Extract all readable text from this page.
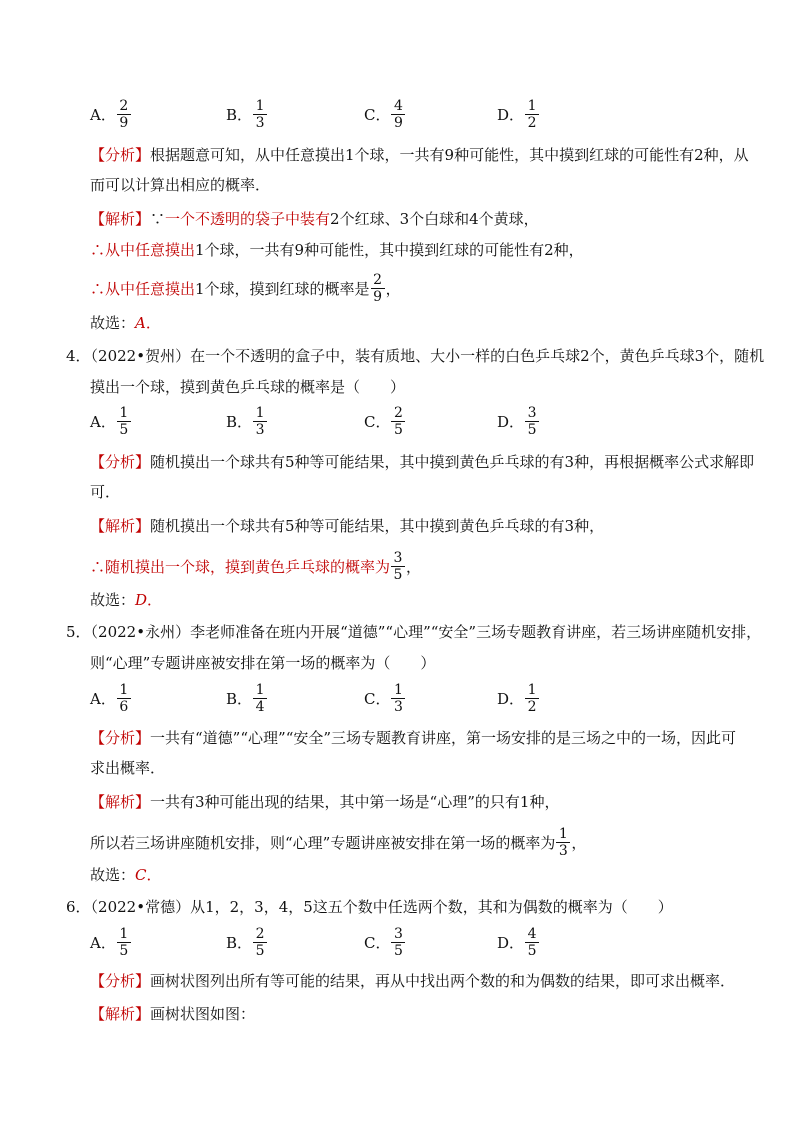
A． $\frac{2}{9}$	B． $\frac{1}{3}$	C． $\frac{4}{9}$	D． $\frac{1}{2}$
【分析】根据题意可知，从中任意摸出1个球，一共有9种可能性，其中摸到红球的可能性有2种，从
而可以计算出相应的概率．
【解析】∵一个不透明的袋子中装有2个红球、3个白球和4个黄球，
∴从中任意摸出1个球，一共有9种可能性，其中摸到红球的可能性有2种，
∴从中任意摸出 1个球，摸到红球的概率是 $\frac{2}{9}$ ，
故选：A．
4．（2022•贺州）在一个不透明的盒子中，装有质地、大小一样的白色乒乓球2个，黄色乒乓球3个，随机
摸出一个球，摸到黄色乒乓球的概率是（　　）
A． $\frac{1}{5}$	B． $\frac{1}{3}$	C． $\frac{2}{5}$	D． $\frac{3}{5}$
【分析】随机摸出一个球共有5种等可能结果，其中摸到黄色乒乓球的有3种，再根据概率公式求解即
可．
【解析】随机摸出一个球共有5种等可能结果，其中摸到黄色乒乓球的有3种，
∴随机摸出一个球，摸到黄色乒乓球的概率为 $\frac{3}{5}$ ，
故选：D．
5．（2022•永州）李老师准备在班内开展“道德”“心理”“安全”三场专题教育讲座，若三场讲座随机安排，
则“心理”专题讲座被安排在第一场的概率为（　　）
A． $\frac{1}{6}$	B． $\frac{1}{4}$	C． $\frac{1}{3}$	D． $\frac{1}{2}$
【分析】一共有“道德”“心理”“安全”三场专题教育讲座，第一场安排的是三场之中的一场，因此可
求出概率．
【解析】一共有3种可能出现的结果，其中第一场是“心理”的只有1种，
所以若三场讲座随机安排，则“心理”专题讲座被安排在第一场的概率为 $\frac{1}{3}$ ，
故选：C．
6．（2022•常德）从1，2，3，4，5这五个数中任选两个数，其和为偶数的概率为（　　）
A． $\frac{1}{5}$	B． $\frac{2}{5}$	C． $\frac{3}{5}$	D． $\frac{4}{5}$
【分析】画树状图列出所有等可能的结果，再从中找出两个数的和为偶数的结果，即可求出概率．
【解析】画树状图如图：
